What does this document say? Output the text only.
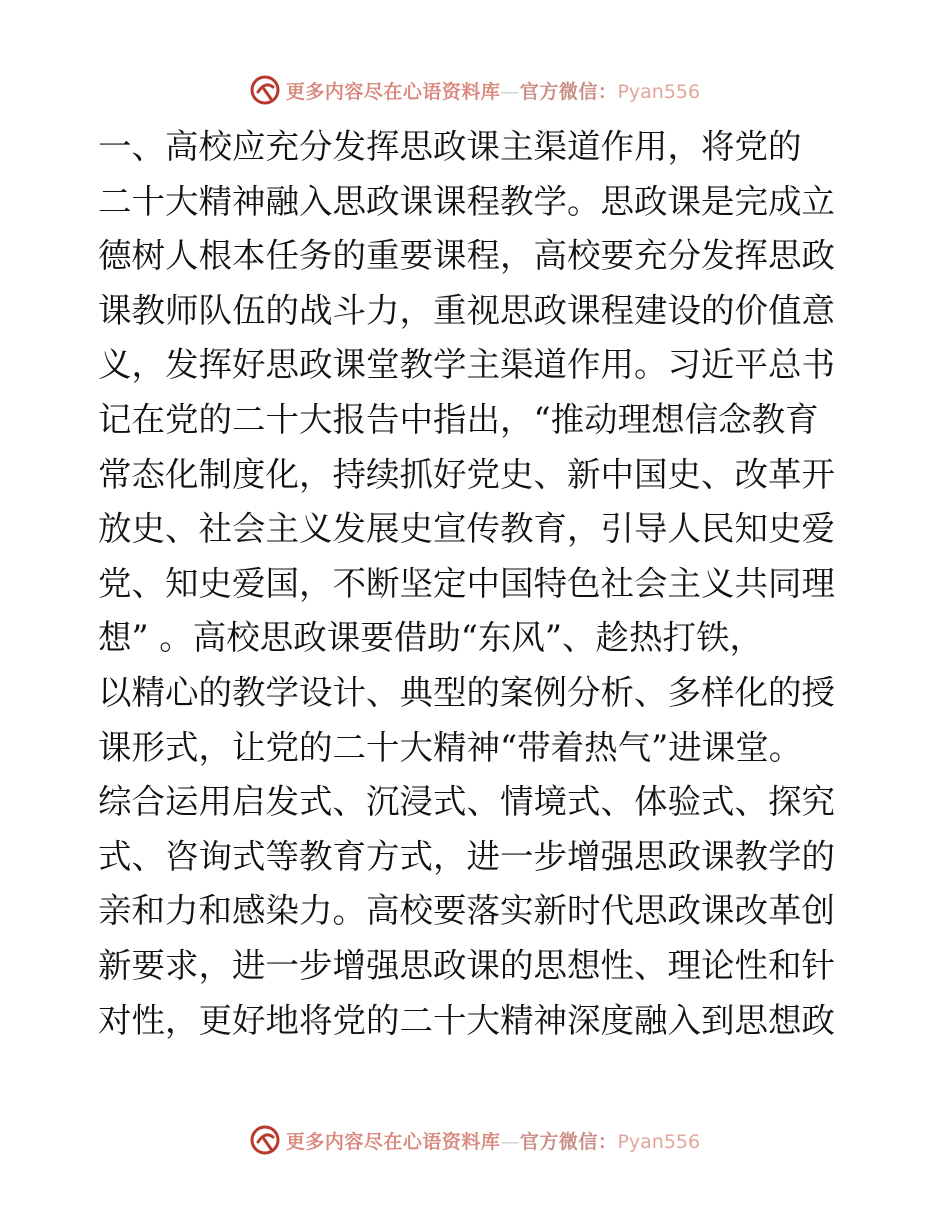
更多内容尽在心语资料库—官方微信：Pyan556
一、高校应充分发挥思政课主渠道作用，将党的
二十大精神融入思政课课程教学。思政课是完成立
德树人根本任务的重要课程，高校要充分发挥思政
课教师队伍的战斗力，重视思政课程建设的价值意
义，发挥好思政课堂教学主渠道作用。习近平总书
记在党的二十大报告中指出，“推动理想信念教育
常态化制度化，持续抓好党史、新中国史、改革开
放史、社会主义发展史宣传教育，引导人民知史爱
党、知史爱国，不断坚定中国特色社会主义共同理
想” 。高校思政课要借助“东风”、趁热打铁，
以精心的教学设计、典型的案例分析、多样化的授
课形式，让党的二十大精神“带着热气”进课堂。
综合运用启发式、沉浸式、情境式、体验式、探究
式、咨询式等教育方式，进一步增强思政课教学的
亲和力和感染力。高校要落实新时代思政课改革创
新要求，进一步增强思政课的思想性、理论性和针
对性，更好地将党的二十大精神深度融入到思想政
更多内容尽在心语资料库—官方微信：Pyan556
